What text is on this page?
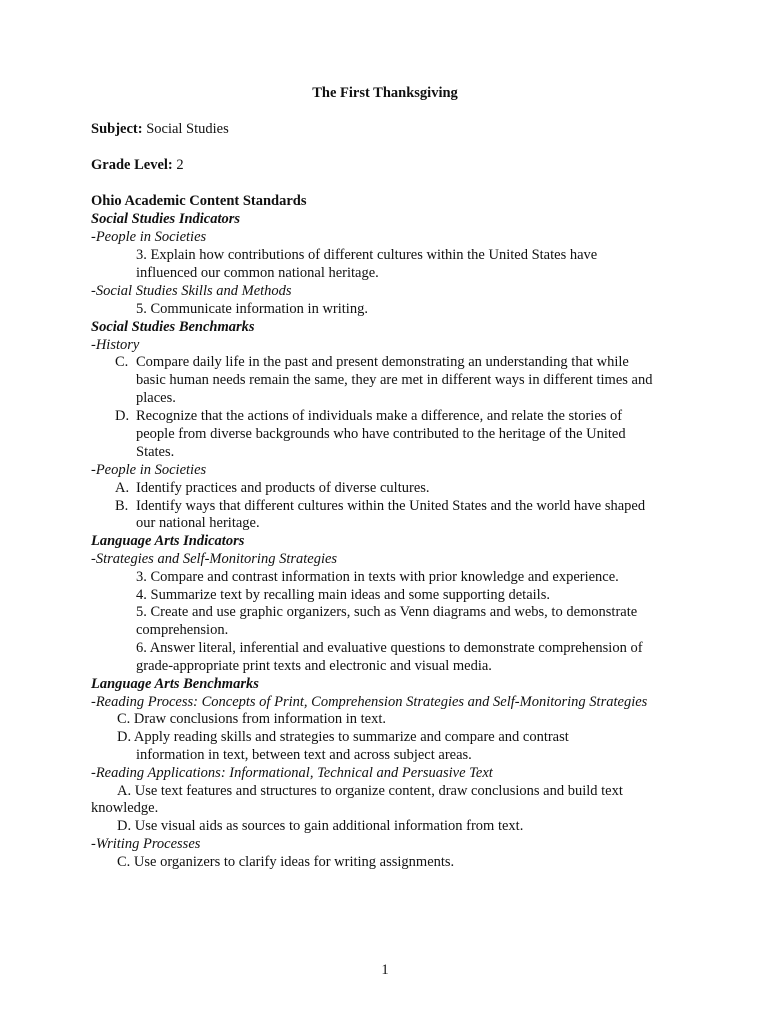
The First Thanksgiving
Subject: Social Studies
Grade Level: 2
Ohio Academic Content Standards
Social Studies Indicators
-People in Societies
3. Explain how contributions of different cultures within the United States have
influenced our common national heritage.
-Social Studies Skills and Methods
5. Communicate information in writing.
Social Studies Benchmarks
-History
C. Compare daily life in the past and present demonstrating an understanding that while
basic human needs remain the same, they are met in different ways in different times and
places.
D. Recognize that the actions of individuals make a difference, and relate the stories of
people from diverse backgrounds who have contributed to the heritage of the United
States.
-People in Societies
A. Identify practices and products of diverse cultures.
B. Identify ways that different cultures within the United States and the world have shaped
our national heritage.
Language Arts Indicators
-Strategies and Self-Monitoring Strategies
3. Compare and contrast information in texts with prior knowledge and experience.
4. Summarize text by recalling main ideas and some supporting details.
5. Create and use graphic organizers, such as Venn diagrams and webs, to demonstrate
comprehension.
6. Answer literal, inferential and evaluative questions to demonstrate comprehension of
grade-appropriate print texts and electronic and visual media.
Language Arts Benchmarks
-Reading Process: Concepts of Print, Comprehension Strategies and Self-Monitoring Strategies
C. Draw conclusions from information in text.
D. Apply reading skills and strategies to summarize and compare and contrast
information in text, between text and across subject areas.
-Reading Applications: Informational, Technical and Persuasive Text
A. Use text features and structures to organize content, draw conclusions and build text
knowledge.
D. Use visual aids as sources to gain additional information from text.
-Writing Processes
C. Use organizers to clarify ideas for writing assignments.
1
